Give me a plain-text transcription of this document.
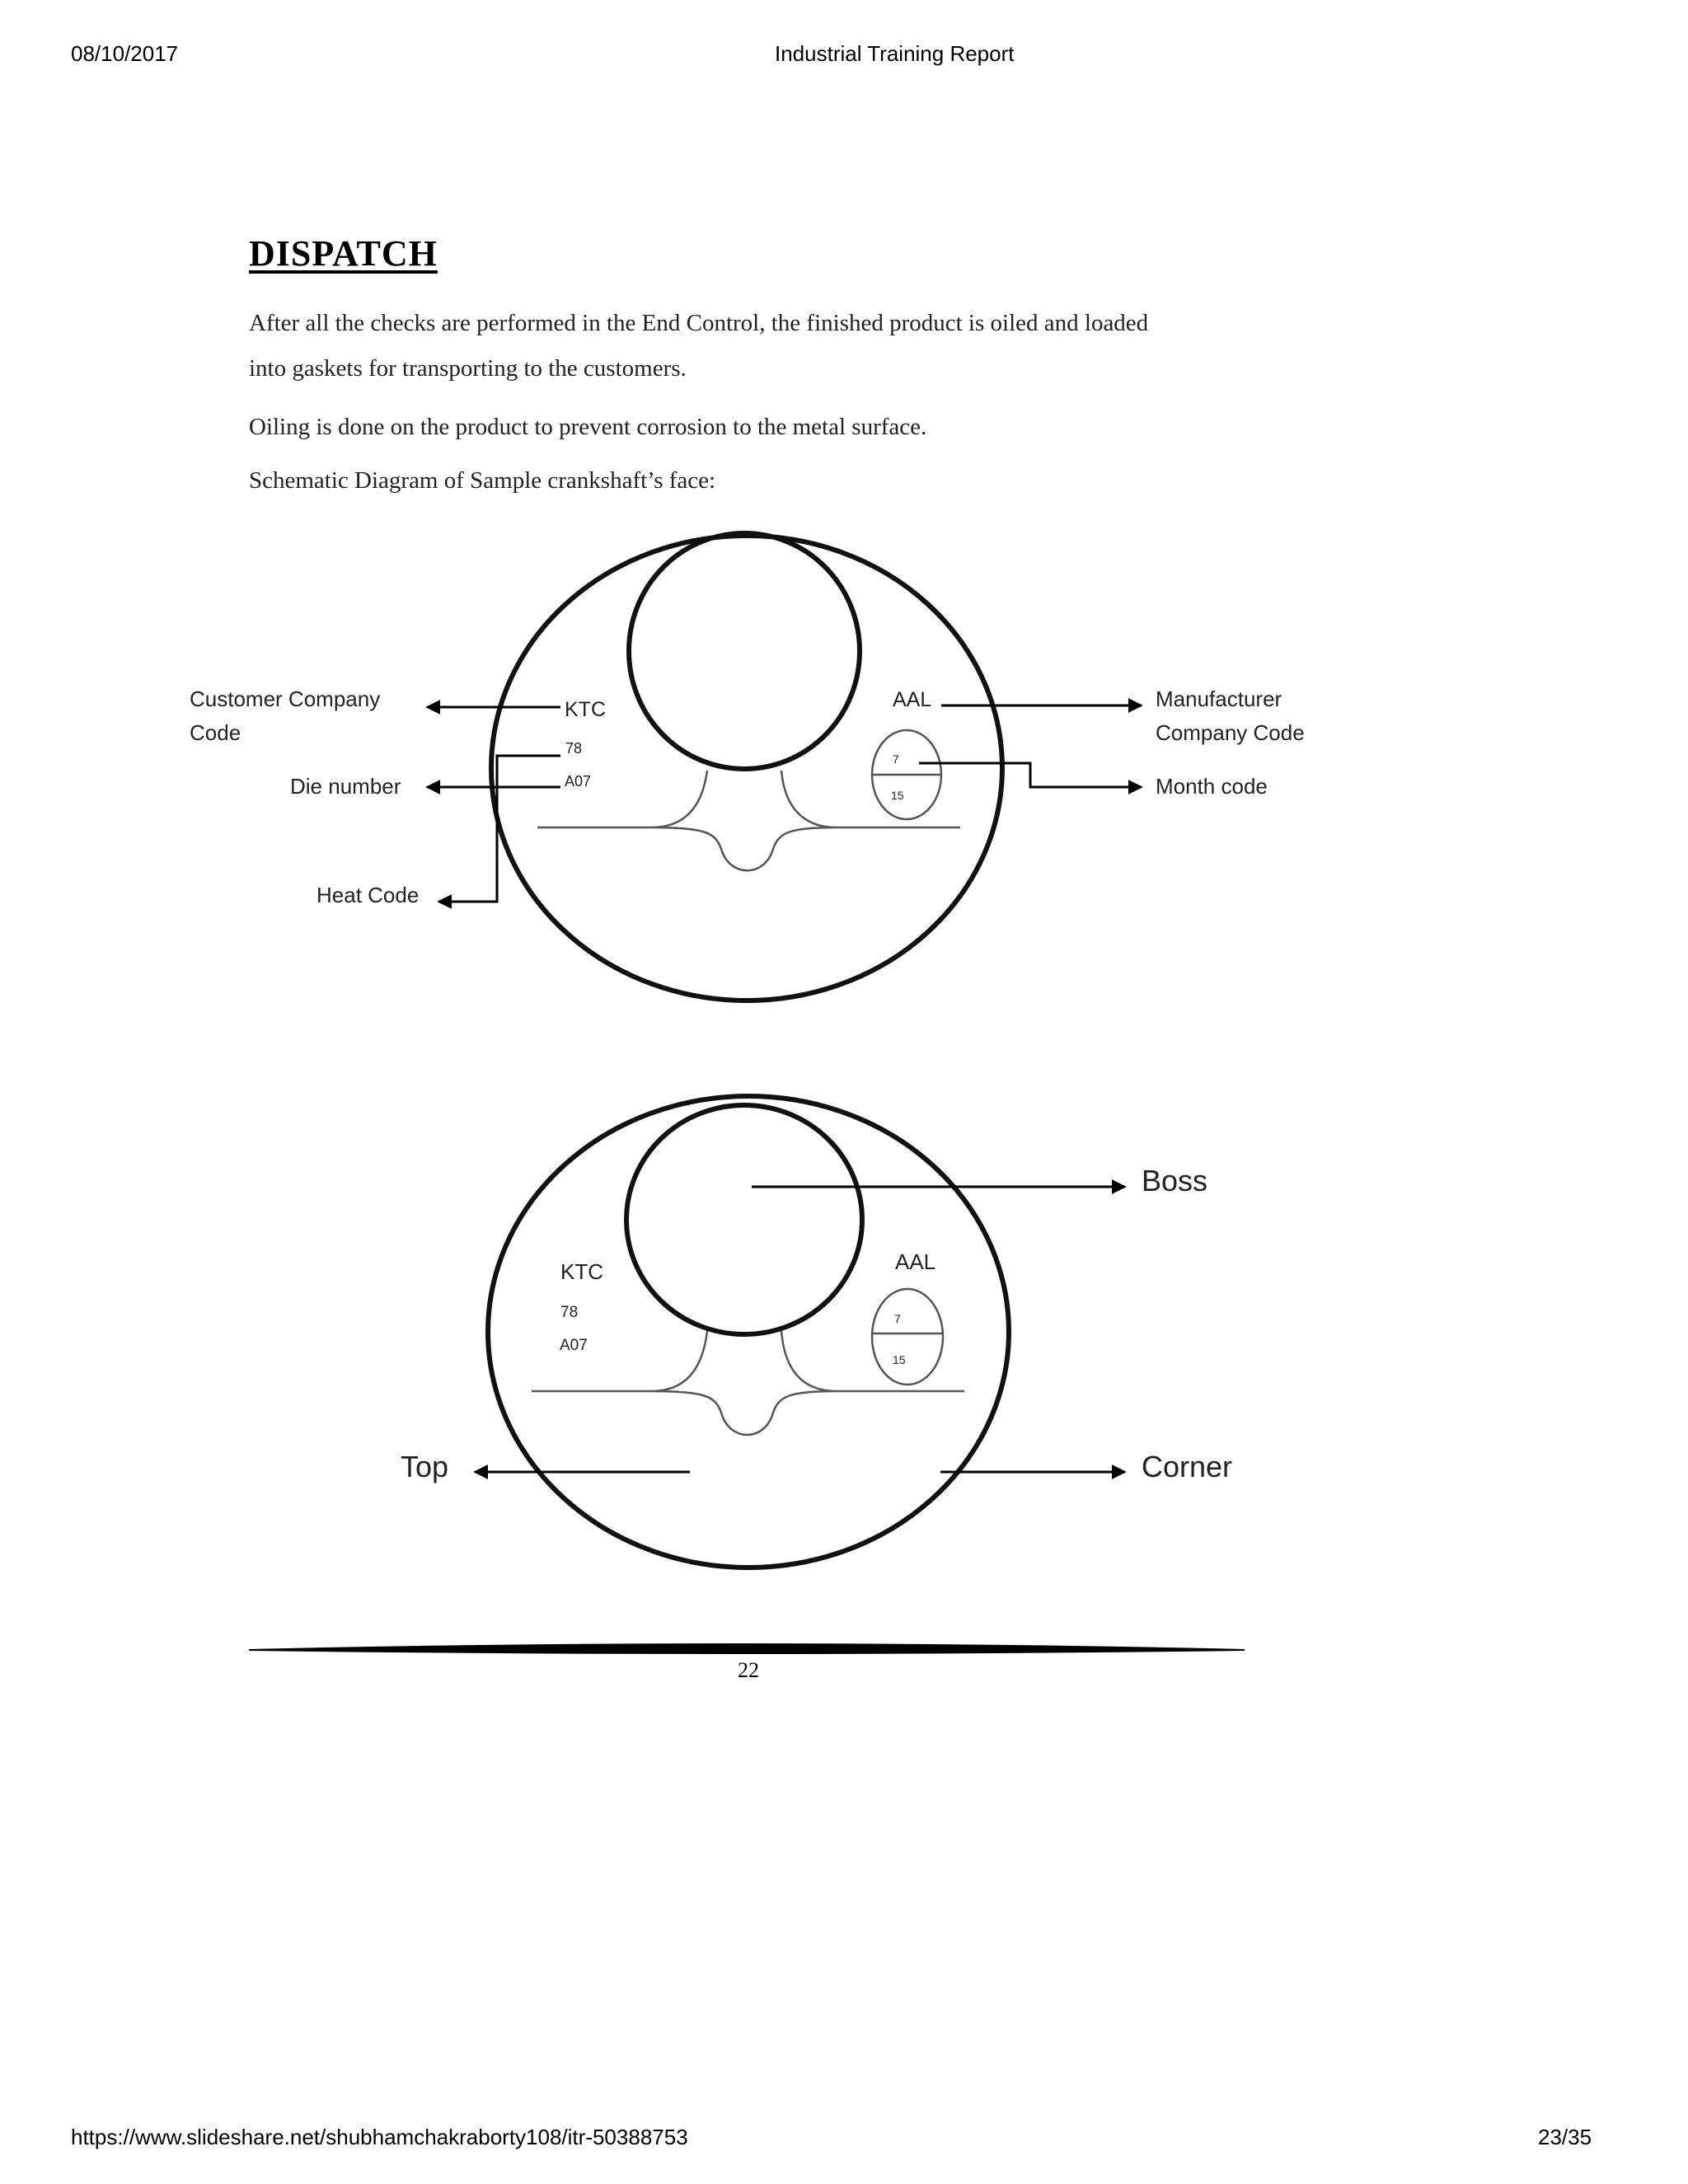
08/10/2017	Industrial Training Report
DISPATCH
After all the checks are performed in the End Control, the finished product is oiled and loaded
into gaskets for transporting to the customers.
Oiling is done on the product to prevent corrosion to the metal surface.
Schematic Diagram of Sample crankshaft’s face:
KTC
78
A07
AAL
7
15
Customer Company
Code
Die number
Heat Code
Manufacturer
Company Code
Month code
KTC
78
A07
AAL
7
15
Boss
Top	Corner
22
https://www.slideshare.net/shubhamchakraborty108/itr-50388753	23/35
